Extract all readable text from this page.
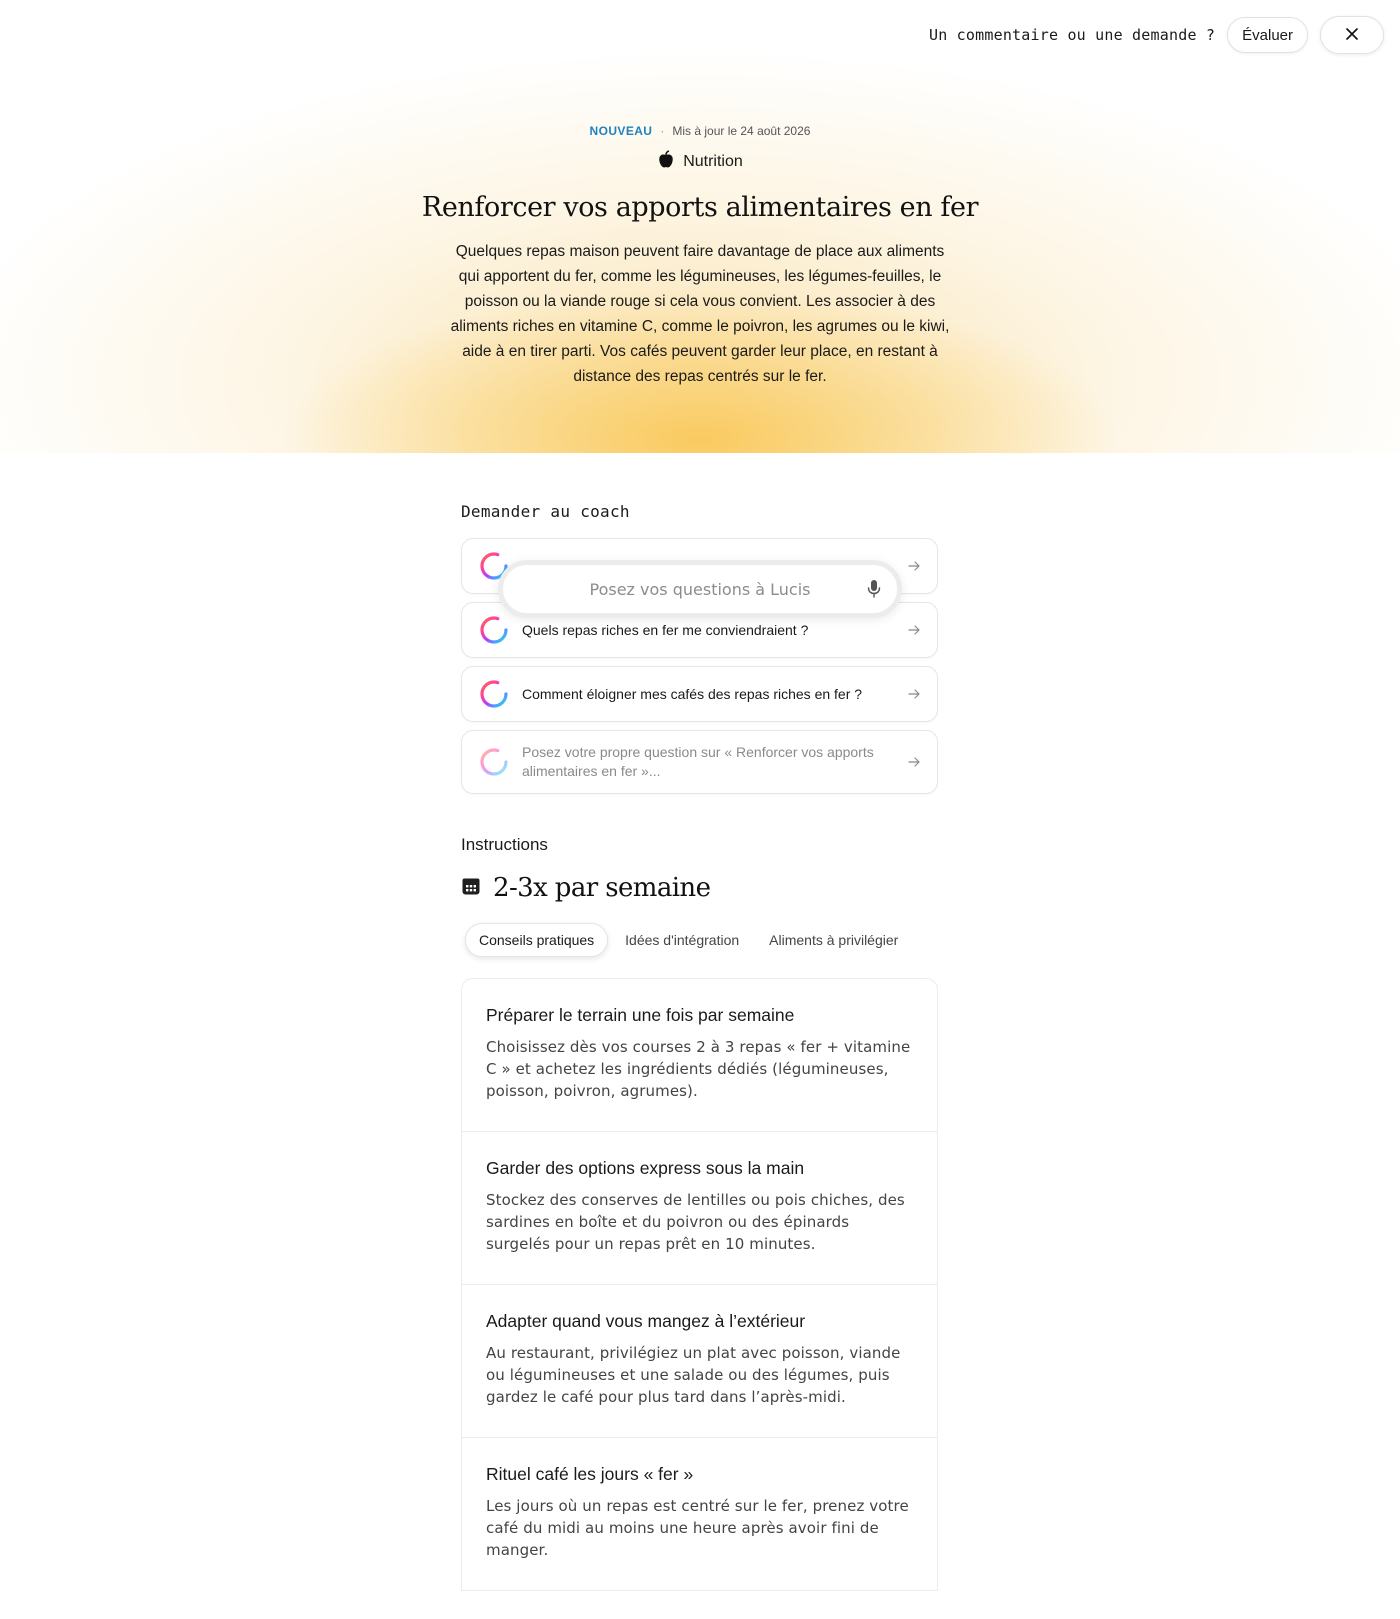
NOUVEAU · Mis à jour le 24 août 2026
Nutrition
Renforcer vos apports alimentaires en fer

Quelques repas maison peuvent faire davantage de place aux aliments qui apportent du fer, comme les légumineuses, les légumes-feuilles, le poisson ou la viande rouge si cela vous convient. Les associer à des aliments riches en vitamine C, comme le poivron, les agrumes ou le kiwi, aide à en tirer parti. Vos cafés peuvent garder leur place, en restant à distance des repas centrés sur le fer.

Un commentaire ou une demande ?	Évaluer
Demander au coach
Quels repas riches en fer me conviendraient ?
Comment éloigner mes cafés des repas riches en fer ?
Posez votre propre question sur « Renforcer vos apports alimentaires en fer »...
Posez vos questions à Lucis
Instructions
2-3x par semaine
Conseils pratiques	Idées d'intégration	Aliments à privilégier
Préparer le terrain une fois par semaine
Choisissez dès vos courses 2 à 3 repas « fer + vitamine C » et achetez les ingrédients dédiés (légumineuses, poisson, poivron, agrumes).
Garder des options express sous la main
Stockez des conserves de lentilles ou pois chiches, des sardines en boîte et du poivron ou des épinards surgelés pour un repas prêt en 10 minutes.
Adapter quand vous mangez à l’extérieur
Au restaurant, privilégiez un plat avec poisson, viande ou légumineuses et une salade ou des légumes, puis gardez le café pour plus tard dans l’après-midi.
Rituel café les jours « fer »
Les jours où un repas est centré sur le fer, prenez votre café du midi au moins une heure après avoir fini de manger.
